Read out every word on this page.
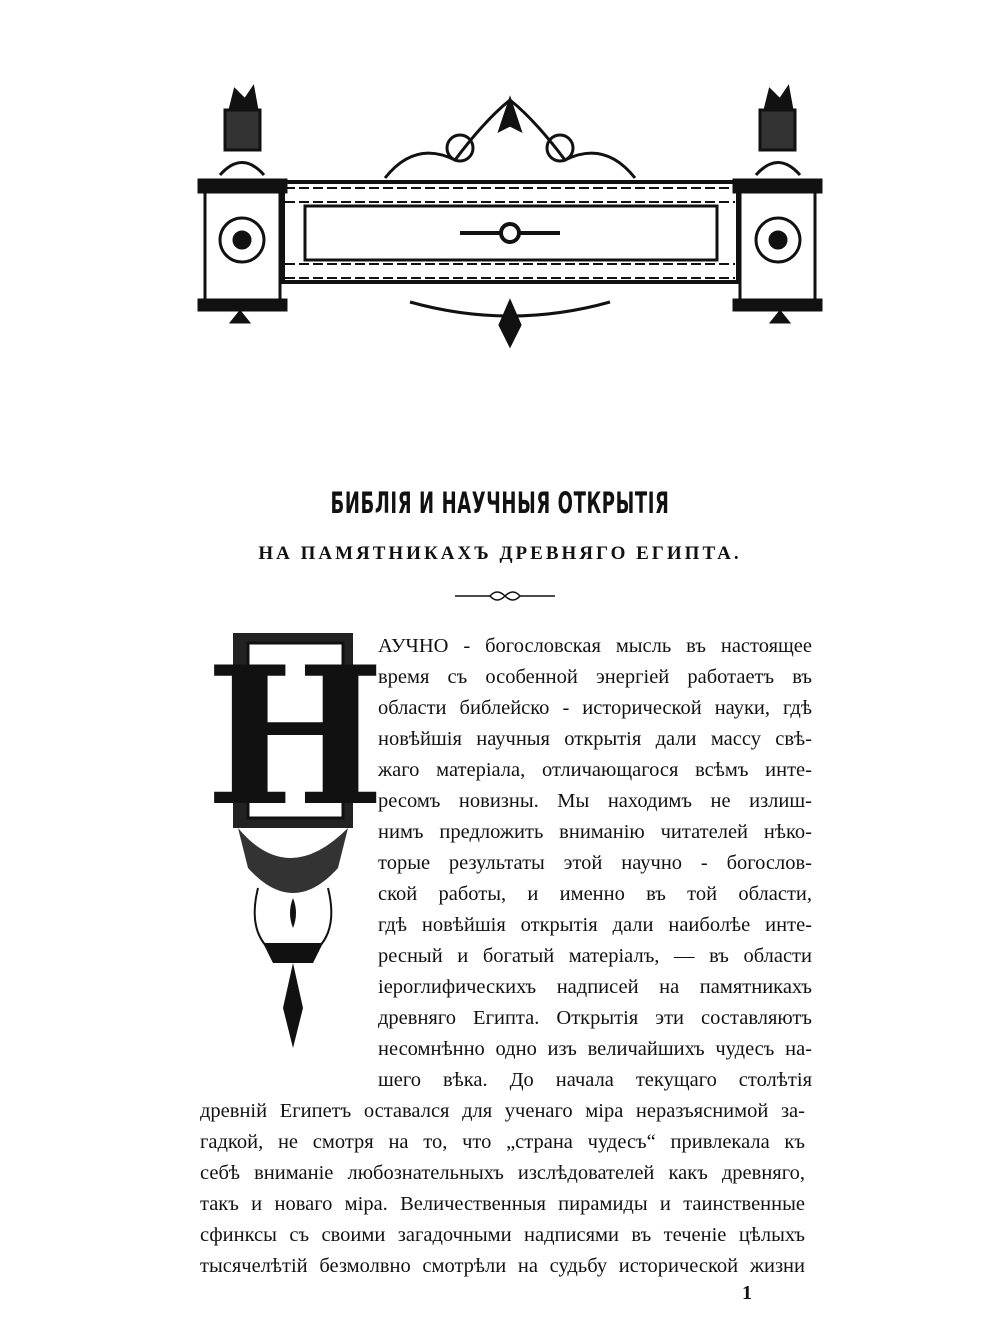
БИБЛІЯ И НАУЧНЫЯ ОТКРЫТІЯ
НА ПАМЯТНИКАХЪ ДРЕВНЯГО ЕГИПТА.
Н
АУЧНО - богословская мысль въ настоящее
время съ особенной энергiей работаетъ въ
области библейско - исторической науки, гдѣ
новѣйшiя научныя открытiя дали массу свѣ-
жаго матерiала, отличающагося всѣмъ инте-
ресомъ новизны. Мы находимъ не излиш-
нимъ предложить вниманiю читателей нѣко-
торые результаты этой научно - богослов-
ской работы, и именно въ той области,
гдѣ новѣйшiя открытiя дали наиболѣе инте-
ресный и богатый матерiалъ, — въ области
iероглифическихъ надписей на памятникахъ
древняго Египта. Открытiя эти составляютъ
несомнѣнно одно изъ величайшихъ чудесъ на-
шего вѣка. До начала текущаго столѣтiя
древнiй Египетъ оставался для ученаго мiра неразъяснимой за-
гадкой, не смотря на то, что „страна чудесъ“ привлекала къ
себѣ вниманiе любознательныхъ изслѣдователей какъ древняго,
такъ и новаго мiра. Величественныя пирамиды и таинственные
сфинксы съ своими загадочными надписями въ теченiе цѣлыхъ
тысячелѣтiй безмолвно смотрѣли на судьбу исторической жизни
1
